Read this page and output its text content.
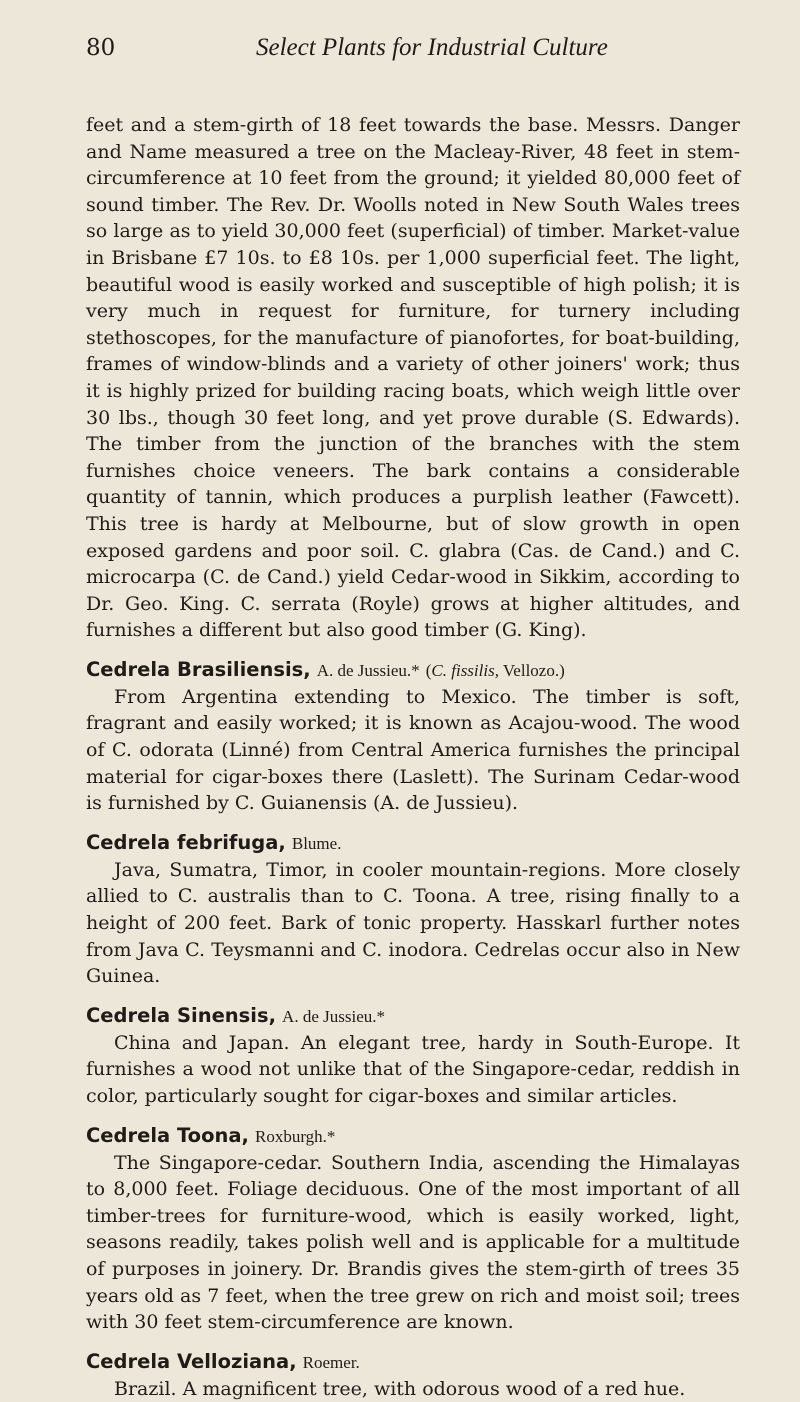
80	Select Plants for Industrial Culture

feet and a stem-girth of 18 feet towards the base. Messrs. Danger and Name measured a tree on the Macleay-River, 48 feet in stem-circumference at 10 feet from the ground; it yielded 80,000 feet of sound timber. The Rev. Dr. Woolls noted in New South Wales trees so large as to yield 30,000 feet (superficial) of timber. Market-value in Brisbane £7 10s. to £8 10s. per 1,000 superficial feet. The light, beautiful wood is easily worked and susceptible of high polish; it is very much in request for furniture, for turnery including stethoscopes, for the manufacture of pianofortes, for boat-building, frames of window-blinds and a variety of other joiners' work; thus it is highly prized for building racing boats, which weigh little over 30 lbs., though 30 feet long, and yet prove durable (S. Edwards). The timber from the junction of the branches with the stem furnishes choice veneers. The bark contains a considerable quantity of tannin, which produces a purplish leather (Fawcett). This tree is hardy at Melbourne, but of slow growth in open exposed gardens and poor soil. C. glabra (Cas. de Cand.) and C. microcarpa (C. de Cand.) yield Cedar-wood in Sikkim, according to Dr. Geo. King. C. serrata (Royle) grows at higher altitudes, and furnishes a different but also good timber (G. King).

Cedrela Brasiliensis, A. de Jussieu.* (C. fissilis, Vellozo.)

From Argentina extending to Mexico. The timber is soft, fragrant and easily worked; it is known as Acajou-wood. The wood of C. odorata (Linné) from Central America furnishes the principal material for cigar-boxes there (Laslett). The Surinam Cedar-wood is furnished by C. Guianensis (A. de Jussieu).

Cedrela febrifuga, Blume.

Java, Sumatra, Timor, in cooler mountain-regions. More closely allied to C. australis than to C. Toona. A tree, rising finally to a height of 200 feet. Bark of tonic property. Hasskarl further notes from Java C. Teysmanni and C. inodora. Cedrelas occur also in New Guinea.

Cedrela Sinensis, A. de Jussieu.*

China and Japan. An elegant tree, hardy in South-Europe. It furnishes a wood not unlike that of the Singapore-cedar, reddish in color, particularly sought for cigar-boxes and similar articles.

Cedrela Toona, Roxburgh.*

The Singapore-cedar. Southern India, ascending the Himalayas to 8,000 feet. Foliage deciduous. One of the most important of all timber-trees for furniture-wood, which is easily worked, light, seasons readily, takes polish well and is applicable for a multitude of purposes in joinery. Dr. Brandis gives the stem-girth of trees 35 years old as 7 feet, when the tree grew on rich and moist soil; trees with 30 feet stem-circumference are known.

Cedrela Velloziana, Roemer.

Brazil. A magnificent tree, with odorous wood of a red hue.
